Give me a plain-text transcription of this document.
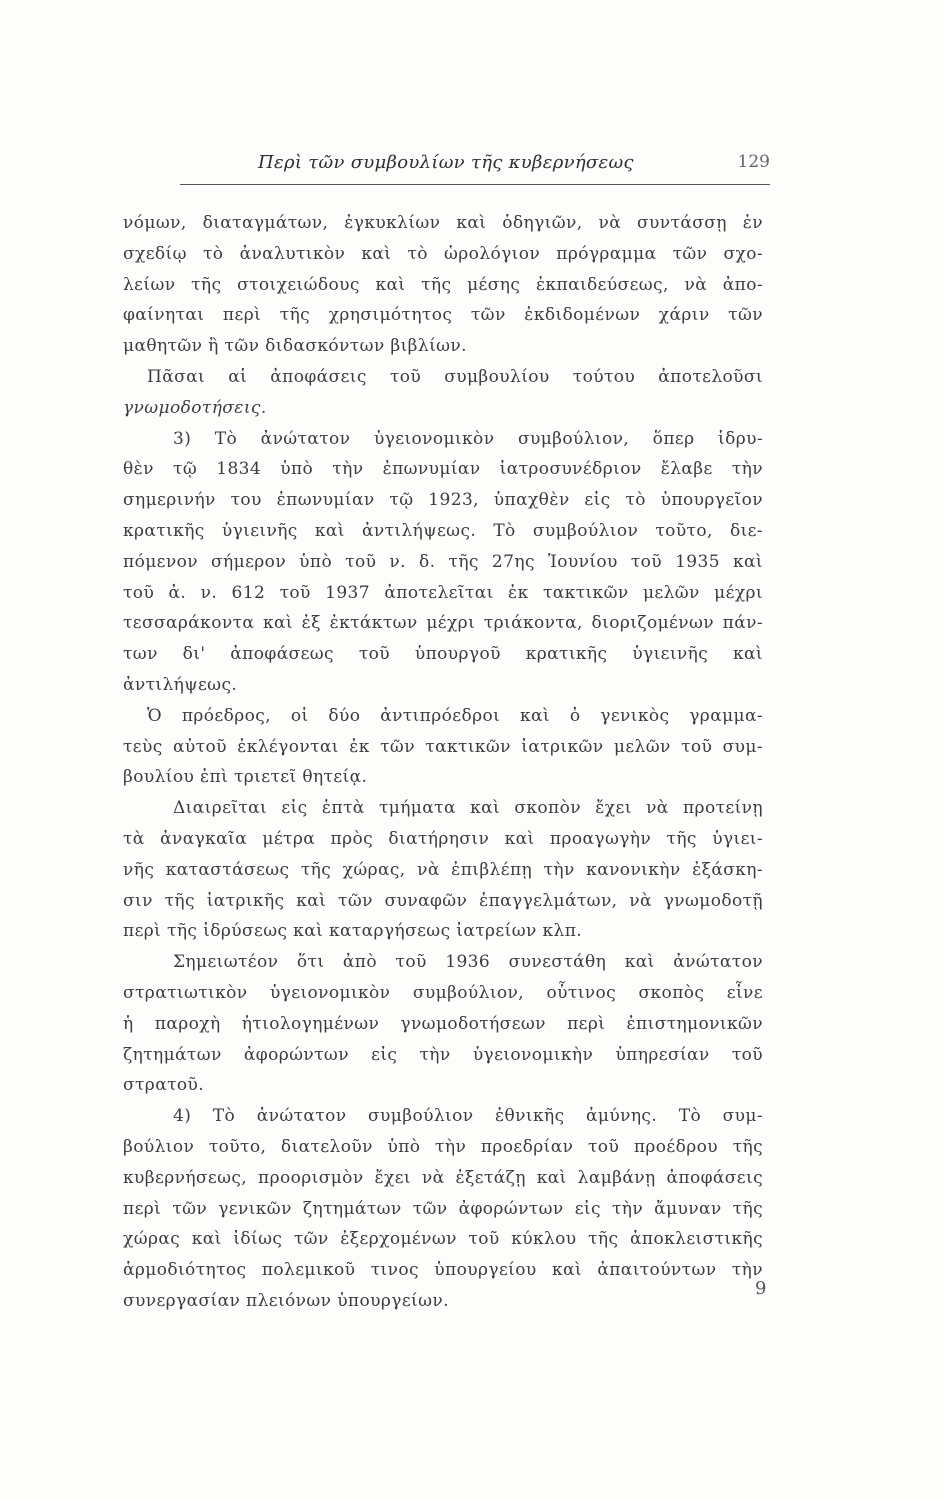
Περὶ τῶν συμβουλίων τῆς κυβερνήσεως	129
νόμων, διαταγμάτων, ἐγκυκλίων καὶ ὁδηγιῶν, νὰ συντάσσῃ ἐν
σχεδίῳ τὸ ἀναλυτικὸν καὶ τὸ ὡρολόγιον πρόγραμμα τῶν σχο-
λείων τῆς στοιχειώδους καὶ τῆς μέσης ἐκπαιδεύσεως, νὰ ἀπο-
φαίνηται περὶ τῆς χρησιμότητος τῶν ἐκδιδομένων χάριν τῶν
μαθητῶν ἢ τῶν διδασκόντων βιβλίων.
Πᾶσαι αἱ ἀποφάσεις τοῦ συμβουλίου τούτου ἀποτελοῦσι
γνωμοδοτήσεις.
3) Τὸ ἀνώτατον ὑγειονομικὸν συμβούλιον, ὅπερ ἱδρυ-
θὲν τῷ 1834 ὑπὸ τὴν ἐπωνυμίαν ἰατροσυνέδριον ἔλαβε τὴν
σημερινήν του ἐπωνυμίαν τῷ 1923, ὑπαχθὲν εἰς τὸ ὑπουργεῖον
κρατικῆς ὑγιεινῆς καὶ ἀντιλήψεως. Τὸ συμβούλιον τοῦτο, διε-
πόμενον σήμερον ὑπὸ τοῦ ν. δ. τῆς 27ης Ἰουνίου τοῦ 1935 καὶ
τοῦ ἀ. ν. 612 τοῦ 1937 ἀποτελεῖται ἐκ τακτικῶν μελῶν μέχρι
τεσσαράκοντα καὶ ἐξ ἐκτάκτων μέχρι τριάκοντα, διοριζομένων πάν-
των δι' ἀποφάσεως τοῦ ὑπουργοῦ κρατικῆς ὑγιεινῆς καὶ
ἀντιλήψεως.
Ὁ πρόεδρος, οἱ δύο ἀντιπρόεδροι καὶ ὁ γενικὸς γραμμα-
τεὺς αὐτοῦ ἐκλέγονται ἐκ τῶν τακτικῶν ἰατρικῶν μελῶν τοῦ συμ-
βουλίου ἐπὶ τριετεῖ θητείᾳ.
Διαιρεῖται εἰς ἑπτὰ τμήματα καὶ σκοπὸν ἔχει νὰ προτείνῃ
τὰ ἀναγκαῖα μέτρα πρὸς διατήρησιν καὶ προαγωγὴν τῆς ὑγιει-
νῆς καταστάσεως τῆς χώρας, νὰ ἐπιβλέπῃ τὴν κανονικὴν ἐξάσκη-
σιν τῆς ἰατρικῆς καὶ τῶν συναφῶν ἐπαγγελμάτων, νὰ γνωμοδοτῇ
περὶ τῆς ἱδρύσεως καὶ καταργήσεως ἰατρείων κλπ.
Σημειωτέον ὅτι ἀπὸ τοῦ 1936 συνεστάθη καὶ ἀνώτατον
στρατιωτικὸν ὑγειονομικὸν συμβούλιον, οὗτινος σκοπὸς εἶνε
ἡ παροχὴ ἠτιολογημένων γνωμοδοτήσεων περὶ ἐπιστημονικῶν
ζητημάτων ἀφορώντων εἰς τὴν ὑγειονομικὴν ὑπηρεσίαν τοῦ
στρατοῦ.
4) Τὸ ἀνώτατον συμβούλιον ἐθνικῆς ἀμύνης. Τὸ συμ-
βούλιον τοῦτο, διατελοῦν ὑπὸ τὴν προεδρίαν τοῦ προέδρου τῆς
κυβερνήσεως, προορισμὸν ἔχει νὰ ἐξετάζῃ καὶ λαμβάνῃ ἀποφάσεις
περὶ τῶν γενικῶν ζητημάτων τῶν ἀφορώντων εἰς τὴν ἄμυναν τῆς
χώρας καὶ ἰδίως τῶν ἐξερχομένων τοῦ κύκλου τῆς ἀποκλειστικῆς
ἁρμοδιότητος πολεμικοῦ τινος ὑπουργείου καὶ ἀπαιτούντων τὴν
συνεργασίαν πλειόνων ὑπουργείων.
9
